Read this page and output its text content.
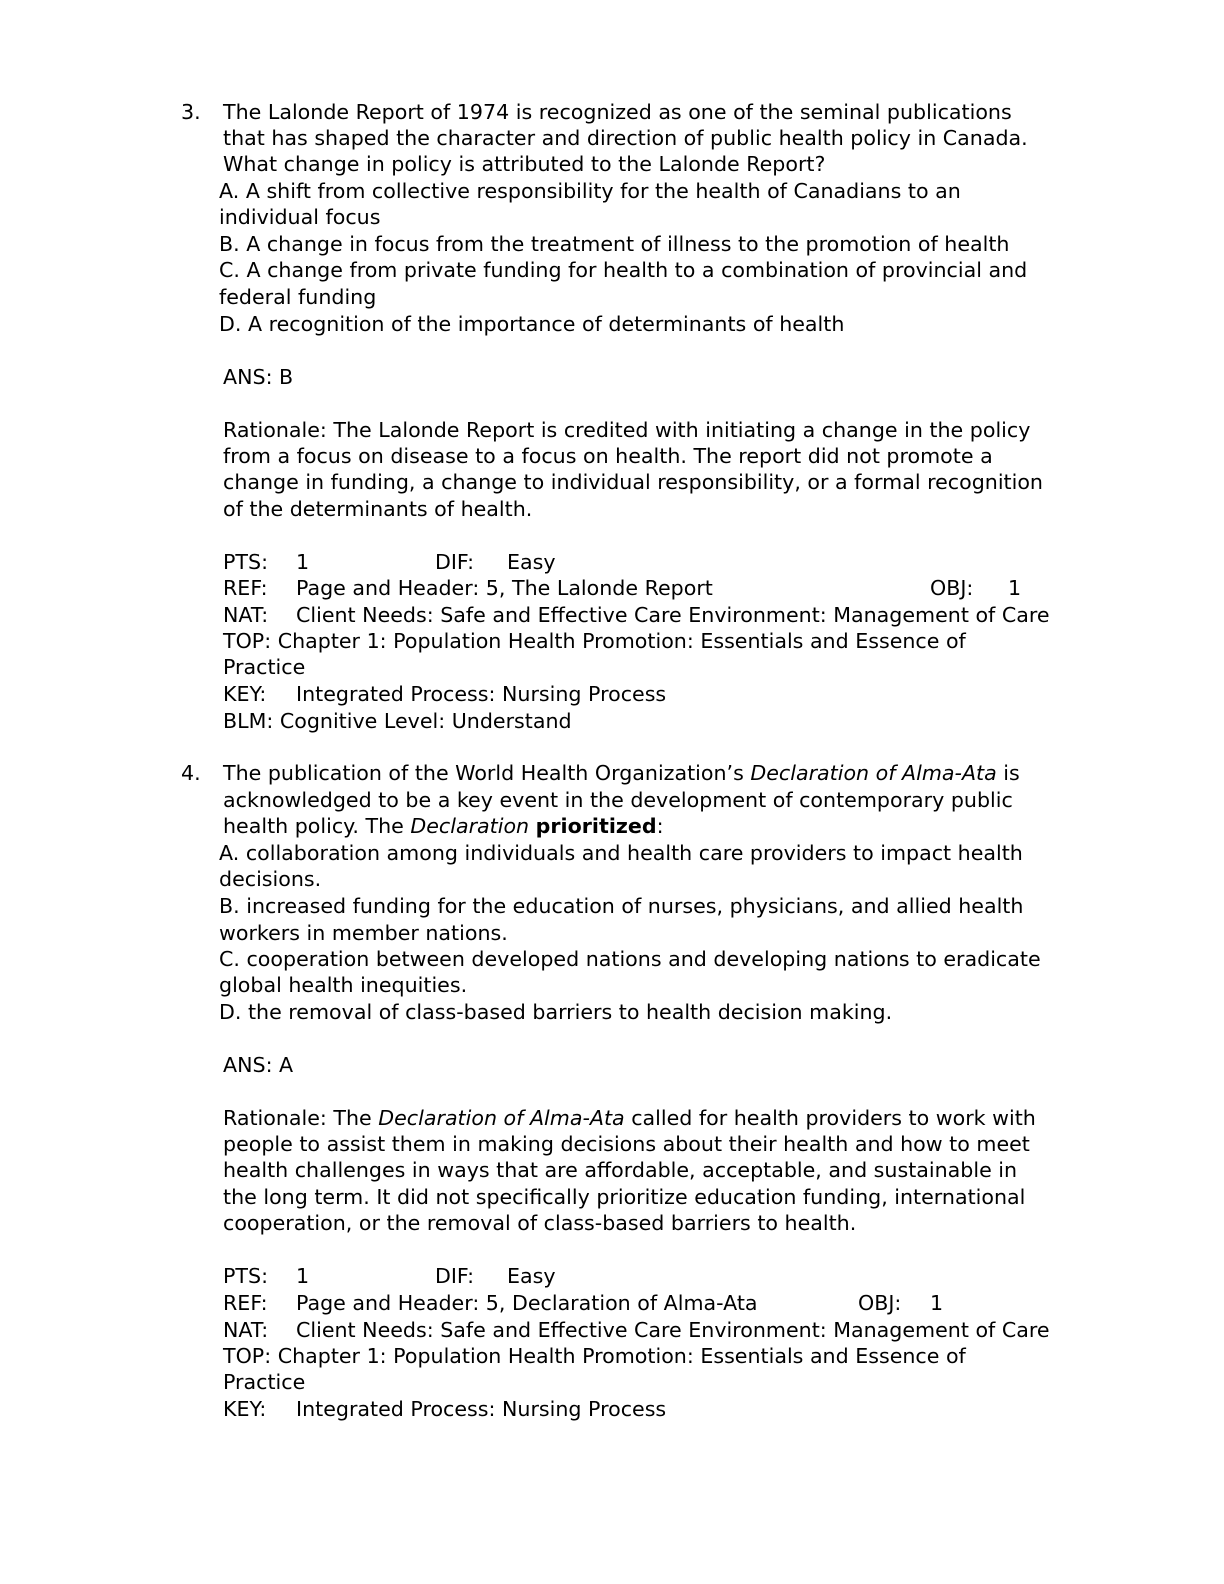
3. The Lalonde Report of 1974 is recognized as one of the seminal publications

that has shaped the character and direction of public health policy in Canada.

What change in policy is attributed to the Lalonde Report?

A. A shift from collective responsibility for the health of Canadians to an

individual focus

B. A change in focus from the treatment of illness to the promotion of health

C. A change from private funding for health to a combination of provincial and

federal funding

D. A recognition of the importance of determinants of health

ANS: B

Rationale: The Lalonde Report is credited with initiating a change in the policy

from a focus on disease to a focus on health. The report did not promote a

change in funding, a change to individual responsibility, or a formal recognition

of the determinants of health.

PTS: 1	DIF: Easy
REF: Page and Header: 5, The Lalonde Report	OBJ: 1
NAT: Client Needs: Safe and Effective Care Environment: Management of Care

TOP: Chapter 1: Population Health Promotion: Essentials and Essence of

Practice

KEY: Integrated Process: Nursing Process

BLM: Cognitive Level: Understand

4. The publication of the World Health Organization’s Declaration of Alma-Ata is

acknowledged to be a key event in the development of contemporary public

health policy. The Declaration prioritized:

A. collaboration among individuals and health care providers to impact health

decisions.

B. increased funding for the education of nurses, physicians, and allied health

workers in member nations.

C. cooperation between developed nations and developing nations to eradicate

global health inequities.

D. the removal of class-based barriers to health decision making.

ANS: A

Rationale: The Declaration of Alma-Ata called for health providers to work with

people to assist them in making decisions about their health and how to meet

health challenges in ways that are affordable, acceptable, and sustainable in

the long term. It did not specifically prioritize education funding, international

cooperation, or the removal of class-based barriers to health.

PTS: 1	DIF: Easy
REF: Page and Header: 5, Declaration of Alma-Ata	OBJ: 1
NAT: Client Needs: Safe and Effective Care Environment: Management of Care

TOP: Chapter 1: Population Health Promotion: Essentials and Essence of

Practice

KEY: Integrated Process: Nursing Process
